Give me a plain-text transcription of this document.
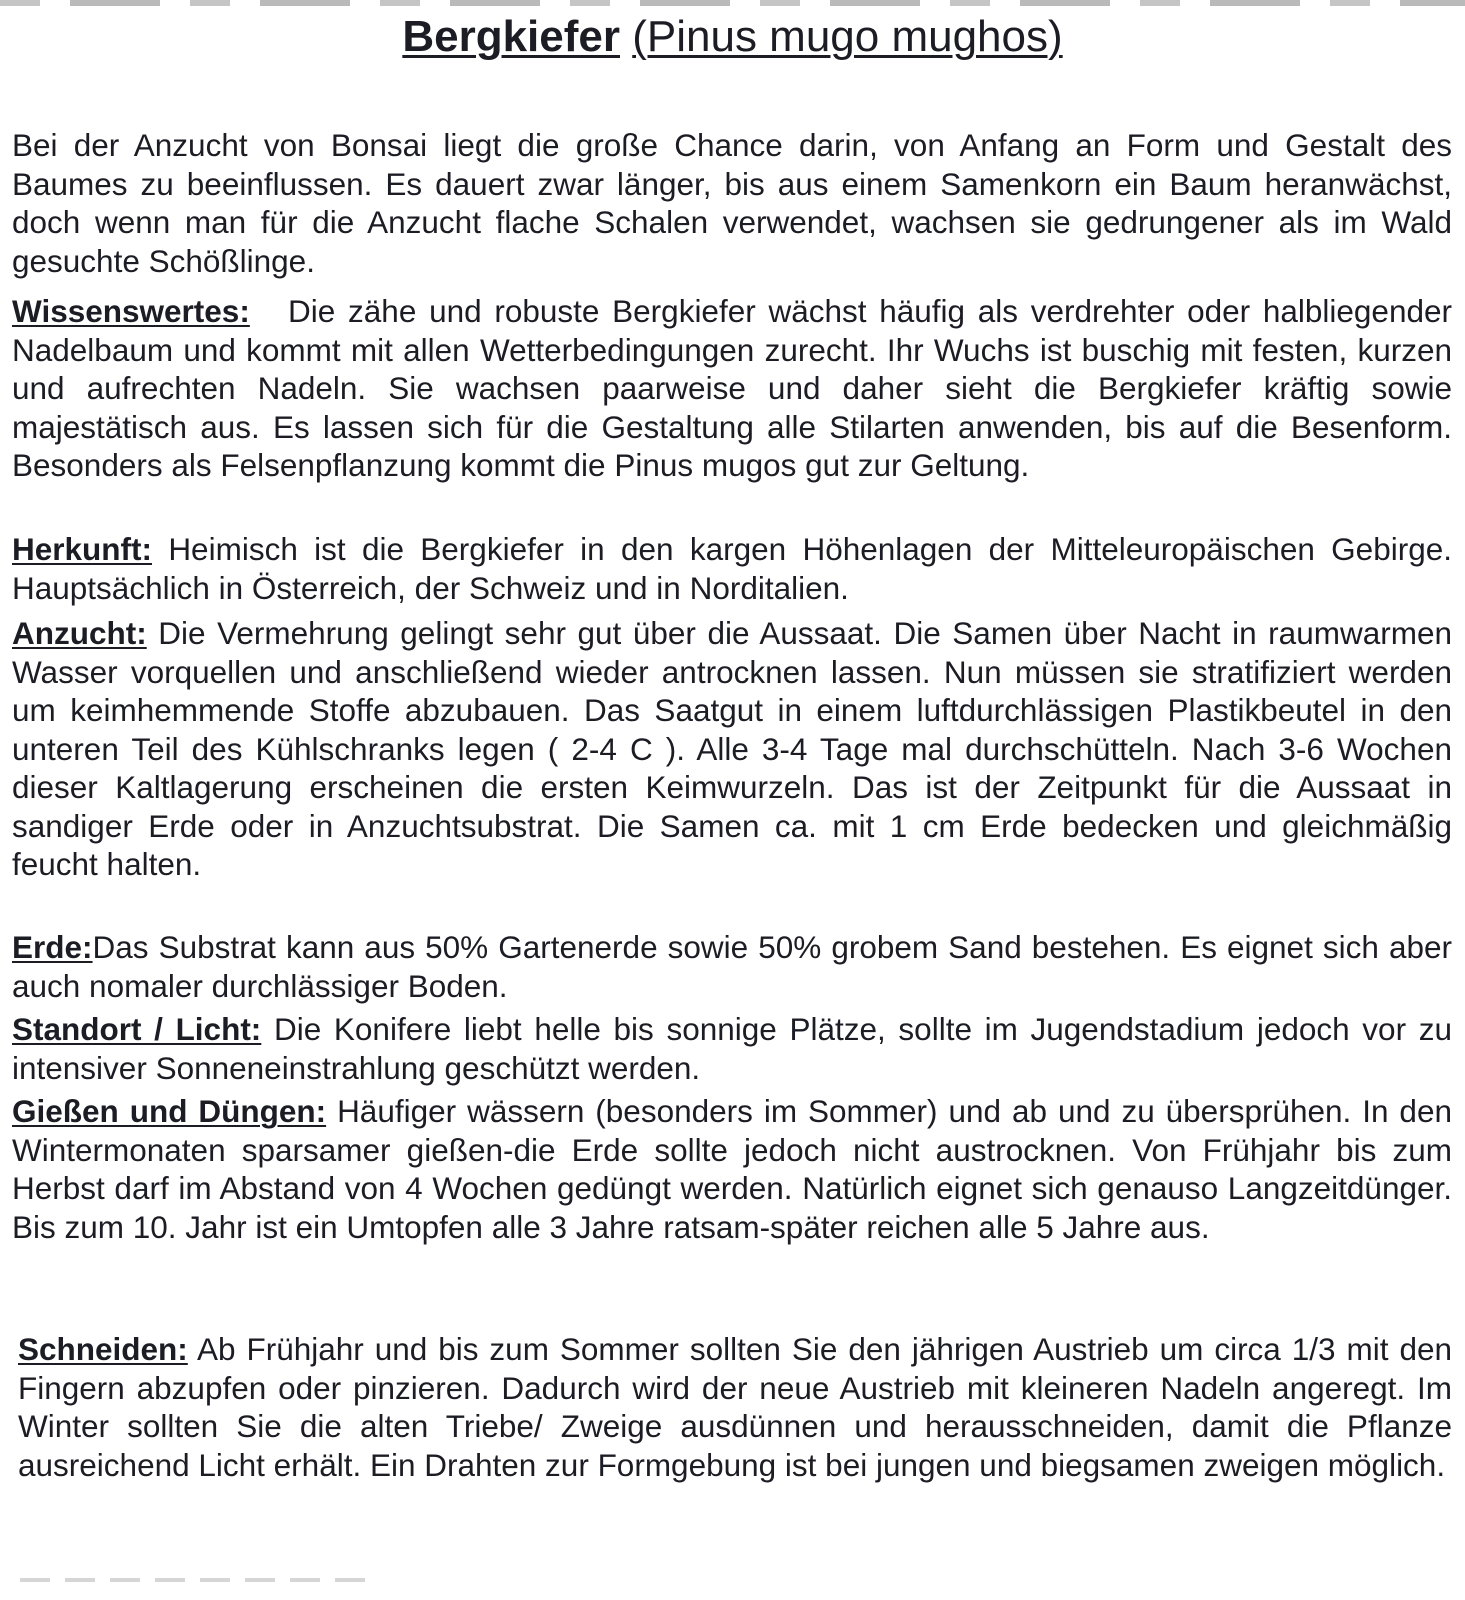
Bergkiefer (Pinus mugo mughos)

Bei der Anzucht von Bonsai liegt die große Chance darin, von Anfang an Form und Gestalt des Baumes zu beeinflussen. Es dauert zwar länger, bis aus einem Samenkorn ein Baum heranwächst, doch wenn man für die Anzucht flache Schalen verwendet, wachsen sie gedrungener als im Wald gesuchte Schößlinge.

Wissenswertes: Die zähe und robuste Bergkiefer wächst häufig als verdrehter oder halbliegender Nadelbaum und kommt mit allen Wetterbedingungen zurecht. Ihr Wuchs ist buschig mit festen, kurzen und aufrechten Nadeln. Sie wachsen paarweise und daher sieht die Bergkiefer kräftig sowie majestätisch aus. Es lassen sich für die Gestaltung alle Stilarten anwenden, bis auf die Besenform. Besonders als Felsenpflanzung kommt die Pinus mugos gut zur Geltung.

Herkunft: Heimisch ist die Bergkiefer in den kargen Höhenlagen der Mitteleuropäischen Gebirge. Hauptsächlich in Österreich, der Schweiz und in Norditalien.

Anzucht: Die Vermehrung gelingt sehr gut über die Aussaat. Die Samen über Nacht in raumwarmen Wasser vorquellen und anschließend wieder antrocknen lassen. Nun müssen sie stratifiziert werden um keimhemmende Stoffe abzubauen. Das Saatgut in einem luftdurchlässigen Plastikbeutel in den unteren Teil des Kühlschranks legen ( 2-4 C ). Alle 3-4 Tage mal durchschütteln. Nach 3-6 Wochen dieser Kaltlagerung erscheinen die ersten Keimwurzeln. Das ist der Zeitpunkt für die Aussaat in sandiger Erde oder in Anzuchtsubstrat. Die Samen ca. mit 1 cm Erde bedecken und gleichmäßig feucht halten.

Erde:Das Substrat kann aus 50% Gartenerde sowie 50% grobem Sand bestehen. Es eignet sich aber auch nomaler durchlässiger Boden.

Standort / Licht: Die Konifere liebt helle bis sonnige Plätze, sollte im Jugendstadium jedoch vor zu intensiver Sonneneinstrahlung geschützt werden.

Gießen und Düngen: Häufiger wässern (besonders im Sommer) und ab und zu übersprühen. In den Wintermonaten sparsamer gießen-die Erde sollte jedoch nicht austrocknen. Von Frühjahr bis zum Herbst darf im Abstand von 4 Wochen gedüngt werden. Natürlich eignet sich genauso Langzeitdünger. Bis zum 10. Jahr ist ein Umtopfen alle 3 Jahre ratsam-später reichen alle 5 Jahre aus.

Schneiden: Ab Frühjahr und bis zum Sommer sollten Sie den jährigen Austrieb um circa 1/3 mit den Fingern abzupfen oder pinzieren. Dadurch wird der neue Austrieb mit kleineren Nadeln angeregt. Im Winter sollten Sie die alten Triebe/ Zweige ausdünnen und herausschneiden, damit die Pflanze ausreichend Licht erhält. Ein Drahten zur Formgebung ist bei jungen und biegsamen zweigen möglich.
